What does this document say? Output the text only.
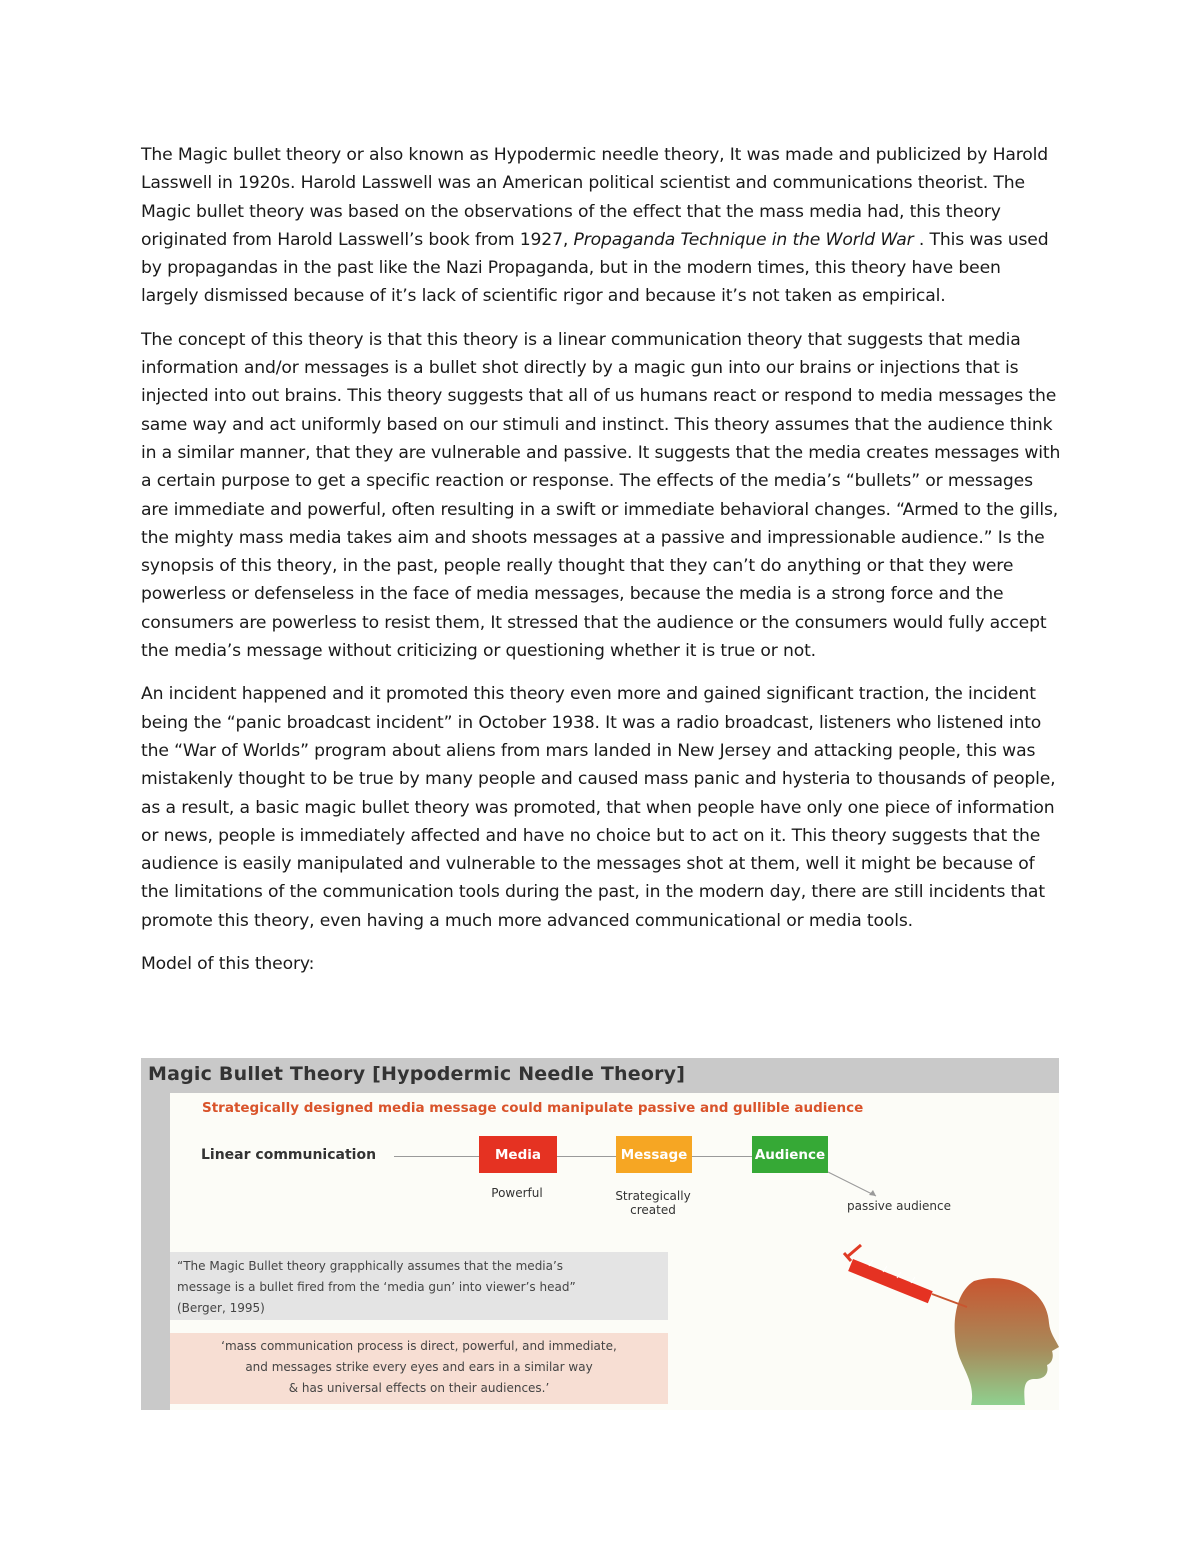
The Magic bullet theory or also known as Hypodermic needle theory, It was made and publicized by Harold Lasswell in 1920s. Harold Lasswell was an American political scientist and communications theorist. The Magic bullet theory was based on the observations of the effect that the mass media had, this theory originated from Harold Lasswell’s book from 1927, Propaganda Technique in the World War . This was used by propagandas in the past like the Nazi Propaganda, but in the modern times, this theory have been largely dismissed because of it’s lack of scientific rigor and because it’s not taken as empirical.

The concept of this theory is that this theory is a linear communication theory that suggests that media information and/or messages is a bullet shot directly by a magic gun into our brains or injections that is injected into out brains. This theory suggests that all of us humans react or respond to media messages the same way and act uniformly based on our stimuli and instinct. This theory assumes that the audience think in a similar manner, that they are vulnerable and passive. It suggests that the media creates messages with a certain purpose to get a specific reaction or response. The effects of the media’s “bullets” or messages are immediate and powerful, often resulting in a swift or immediate behavioral changes. “Armed to the gills, the mighty mass media takes aim and shoots messages at a passive and impressionable audience.” Is the synopsis of this theory, in the past, people really thought that they can’t do anything or that they were powerless or defenseless in the face of media messages, because the media is a strong force and the consumers are powerless to resist them, It stressed that the audience or the consumers would fully accept the media’s message without criticizing or questioning whether it is true or not.

An incident happened and it promoted this theory even more and gained significant traction, the incident being the “panic broadcast incident” in October 1938. It was a radio broadcast, listeners who listened into the “War of Worlds” program about aliens from mars landed in New Jersey and attacking people, this was mistakenly thought to be true by many people and caused mass panic and hysteria to thousands of people, as a result, a basic magic bullet theory was promoted, that when people have only one piece of information or news, people is immediately affected and have no choice but to act on it. This theory suggests that the audience is easily manipulated and vulnerable to the messages shot at them, well it might be because of the limitations of the communication tools during the past, in the modern day, there are still incidents that promote this theory, even having a much more advanced communicational or media tools.

Model of this theory:

Magic Bullet Theory [Hypodermic Needle Theory]
Strategically designed media message could manipulate passive and gullible audience
Linear communication	Media	Message	Audience
Powerful	Strategically
created	passive audience
“The Magic Bullet theory grapphically assumes that the media’s
message is a bullet fired from the ‘media gun’ into viewer’s head”
(Berger, 1995)
‘mass communication process is direct, powerful, and immediate,
and messages strike every eyes and ears in a similar way
& has universal effects on their audiences.’
